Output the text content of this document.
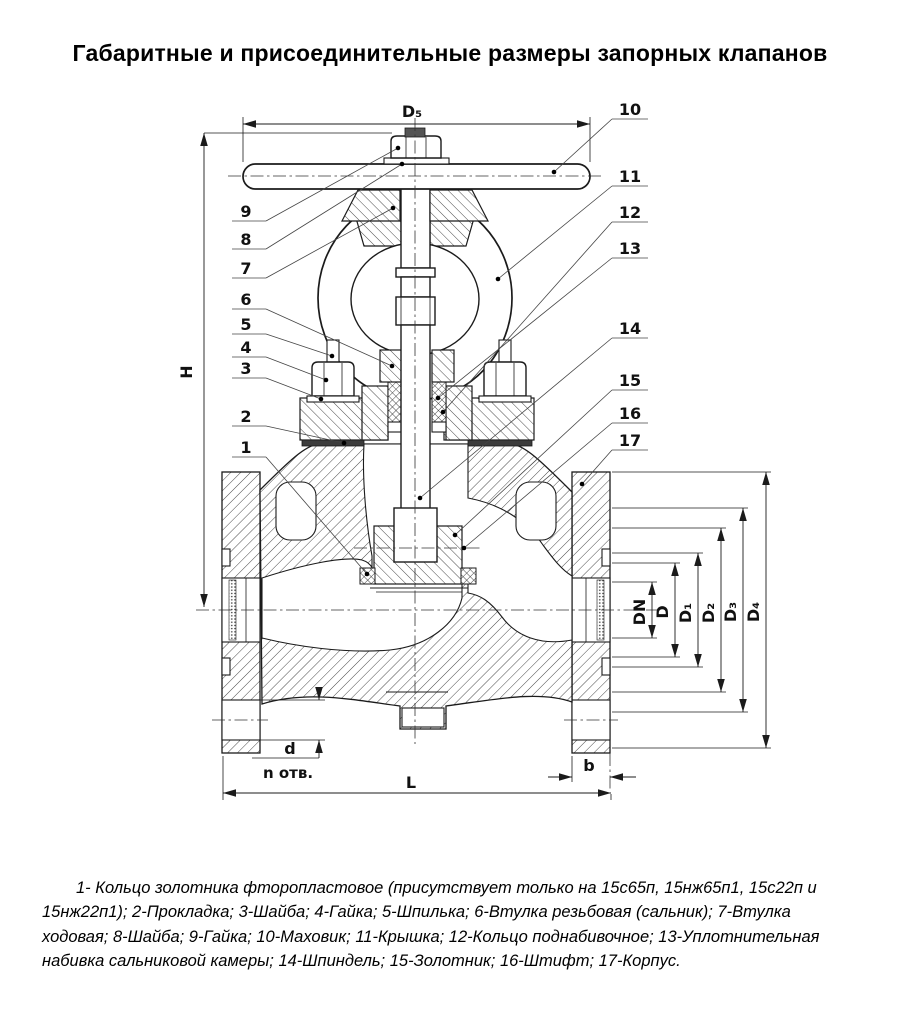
Габаритные и присоединительные размеры запорных клапанов
D₅
H
DN D D₁ D₂ D₃ D₄
d
n отв.	b
L
9
8
7
6
5
4
3
2
1
10
11
12
13
14
15
16
17
1- Кольцо золотника фторопластовое (присутствует только на 15с65п, 15нж65п1, 15с22п и 15нж22п1); 2-Прокладка; 3-Шайба; 4-Гайка; 5-Шпилька; 6-Втулка резьбовая (сальник); 7-Втулка ходовая; 8-Шайба; 9-Гайка; 10-Маховик; 11-Крышка; 12-Кольцо поднабивочное; 13-Уплотнительная набивка сальниковой камеры; 14-Шпиндель; 15-Золотник; 16-Штифт; 17-Корпус.
